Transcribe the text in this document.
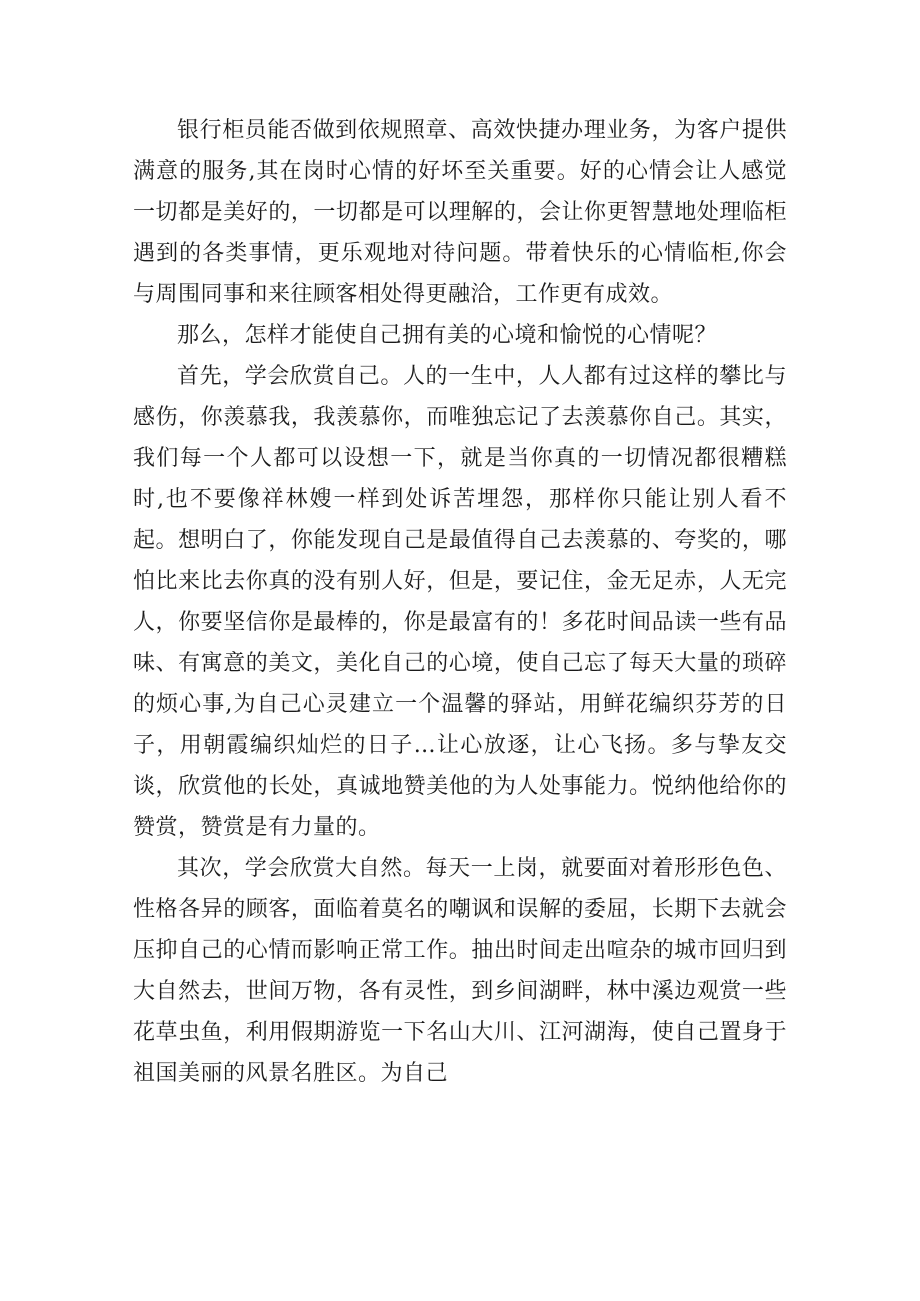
银行柜员能否做到依规照章、高效快捷办理业务，为客户提供满意的服务,其在岗时心情的好坏至关重要。好的心情会让人感觉一切都是美好的，一切都是可以理解的，会让你更智慧地处理临柜遇到的各类事情，更乐观地对待问题。带着快乐的心情临柜,你会与周围同事和来往顾客相处得更融洽，工作更有成效。

那么，怎样才能使自己拥有美的心境和愉悦的心情呢？

首先，学会欣赏自己。人的一生中，人人都有过这样的攀比与感伤，你羡慕我，我羡慕你，而唯独忘记了去羡慕你自己。其实，我们每一个人都可以设想一下，就是当你真的一切情况都很糟糕时,也不要像祥林嫂一样到处诉苦埋怨，那样你只能让别人看不起。想明白了，你能发现自己是最值得自己去羡慕的、夸奖的，哪怕比来比去你真的没有别人好，但是，要记住，金无足赤，人无完人，你要坚信你是最棒的，你是最富有的！多花时间品读一些有品味、有寓意的美文，美化自己的心境，使自己忘了每天大量的琐碎的烦心事,为自己心灵建立一个温馨的驿站，用鲜花编织芬芳的日子，用朝霞编织灿烂的日子…让心放逐，让心飞扬。多与挚友交谈，欣赏他的长处，真诚地赞美他的为人处事能力。悦纳他给你的赞赏，赞赏是有力量的。

其次，学会欣赏大自然。每天一上岗，就要面对着形形色色、性格各异的顾客，面临着莫名的嘲讽和误解的委屈，长期下去就会压抑自己的心情而影响正常工作。抽出时间走出喧杂的城市回归到大自然去，世间万物，各有灵性，到乡间湖畔，林中溪边观赏一些花草虫鱼，利用假期游览一下名山大川、江河湖海，使自己置身于祖国美丽的风景名胜区。为自己
